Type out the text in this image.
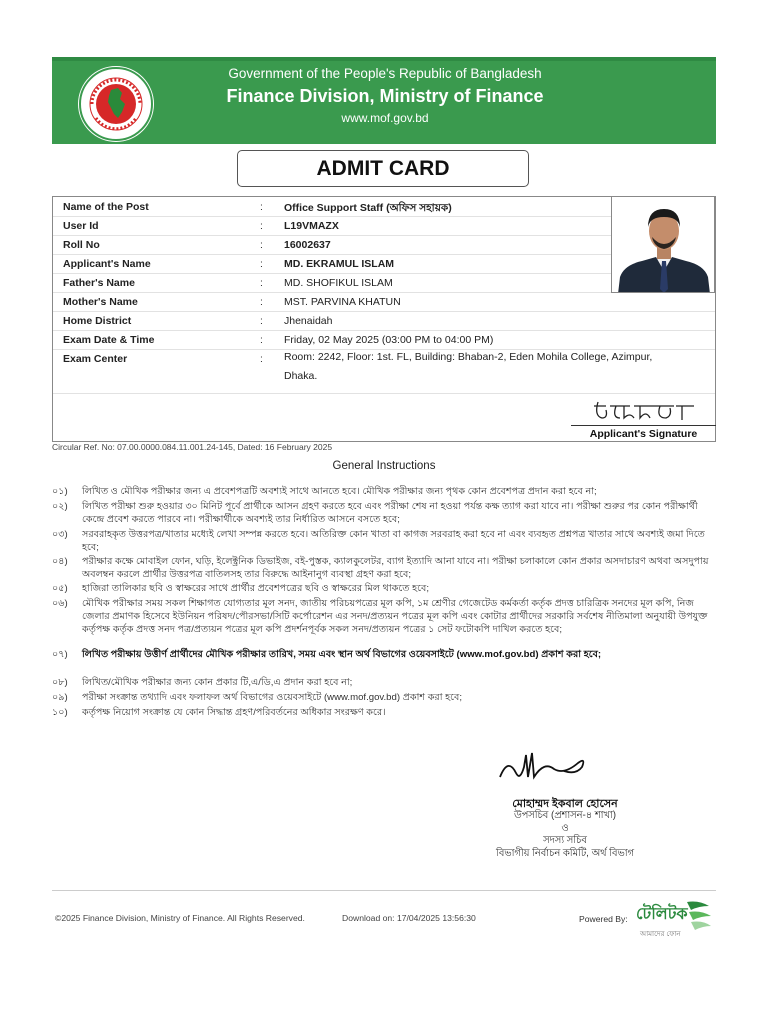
Government of the People's Republic of Bangladesh
Finance Division, Ministry of Finance
www.mof.gov.bd
ADMIT CARD
Name of the Post	: Office Support Staff (অফিস সহায়ক)
User Id	: L19VMAZX
Roll No	: 16002637
Applicant's Name	: MD. EKRAMUL ISLAM
Father's Name	: MD. SHOFIKUL ISLAM
Mother's Name	: MST. PARVINA KHATUN
Home District	: Jhenaidah
Exam Date & Time	: Friday, 02 May 2025 (03:00 PM to 04:00 PM)
Exam Center	: Room: 2242, Floor: 1st. FL, Building: Bhaban-2, Eden Mohila College, Azimpur, Dhaka.
Applicant's Signature
Circular Ref. No: 07.00.0000.084.11.001.24-145, Dated: 16 February 2025
General Instructions
০১)	লিখিত ও মৌখিক পরীক্ষার জন্য এ প্রবেশপত্রটি অবশ্যই সাথে আনতে হবে। মৌখিক পরীক্ষার জন্য পৃথক কোন প্রবেশপত্র প্রদান করা হবে না;
০২)	লিখিত পরীক্ষা শুরু হওয়ার ৩০ মিনিট পূর্বে প্রার্থীকে আসন গ্রহণ করতে হবে এবং পরীক্ষা শেষ না হওয়া পর্যন্ত কক্ষ ত্যাগ করা যাবে না। পরীক্ষা শুরুর পর কোন পরীক্ষার্থী কেন্দ্রে প্রবেশ করতে পারবে না। পরীক্ষার্থীকে অবশ্যই তার নির্ধারিত আসনে বসতে হবে;
০৩)	সরবরাহকৃত উত্তরপত্র/খাতার মধ্যেই লেখা সম্পন্ন করতে হবে। অতিরিক্ত কোন খাতা বা কাগজ সরবরাহ করা হবে না এবং ব্যবহৃত প্রশ্নপত্র খাতার সাথে অবশ্যই জমা দিতে হবে;
০৪)	পরীক্ষার কক্ষে মোবাইল ফোন, ঘড়ি, ইলেক্ট্রনিক ডিভাইজ, বই-পুস্তক, ক্যালকুলেটর, ব্যাগ ইত্যাদি আনা যাবে না। পরীক্ষা চলাকালে কোন প্রকার অসদাচারণ অথবা অসদুপায় অবলম্বন করলে প্রার্থীর উত্তরপত্র বাতিলসহ তার বিরুদ্ধে আইনানুগ ব্যবস্থা গ্রহণ করা হবে;
০৫)	হাজিরা তালিকার ছবি ও স্বাক্ষরের সাথে প্রার্থীর প্রবেশপত্রের ছবি ও স্বাক্ষরের মিল থাকতে হবে;
০৬)	মৌখিক পরীক্ষার সময় সকল শিক্ষাগত যোগ্যতার মূল সনদ, জাতীয় পরিচয়পত্রের মূল কপি, ১ম শ্রেণীর গেজেটেড কর্মকর্তা কর্তৃক প্রদত্ত চারিত্রিক সনদের মূল কপি, নিজ জেলার প্রমাণক হিসেবে ইউনিয়ন পরিষদ/পৌরসভা/সিটি কর্পোরেশন এর সনদ/প্রত্যয়ন পত্রের মূল কপি এবং কোটার প্রার্থীদের সরকারি সর্বশেষ নীতিমালা অনুযায়ী উপযুক্ত কর্তৃপক্ষ কর্তৃক প্রদত্ত সনদ পত্র/প্রত্যয়ন পত্রের মূল কপি প্রদর্শনপূর্বক সকল সনদ/প্রত্যয়ন পত্রের ১ সেট ফটোকপি দাখিল করতে হবে;
০৭)	লিখিত পরীক্ষায় উত্তীর্ণ প্রার্থীদের মৌখিক পরীক্ষার তারিখ, সময় এবং স্থান অর্থ বিভাগের ওয়েবসাইটে (www.mof.gov.bd) প্রকাশ করা হবে;
০৮)	লিখিত/মৌখিক পরীক্ষার জন্য কোন প্রকার টি,এ/ডি,এ প্রদান করা হবে না;
০৯)	পরীক্ষা সংক্রান্ত তথ্যাদি এবং ফলাফল অর্থ বিভাগের ওয়েবসাইটে (www.mof.gov.bd) প্রকাশ করা হবে;
১০)	কর্তৃপক্ষ নিয়োগ সংক্রান্ত যে কোন সিদ্ধান্ত গ্রহণ/পরিবর্তনের অধিকার সংরক্ষণ করে।
মোহাম্মদ ইকবাল হোসেন
উপসচিব (প্রশাসন-৪ শাখা)
ও
সদস্য সচিব
বিভাগীয় নির্বাচন কমিটি, অর্থ বিভাগ
©2025 Finance Division, Ministry of Finance. All Rights Reserved.	Download on: 17/04/2025 13:56:30	Powered By: টেলিটক
আমাদের ফোন
